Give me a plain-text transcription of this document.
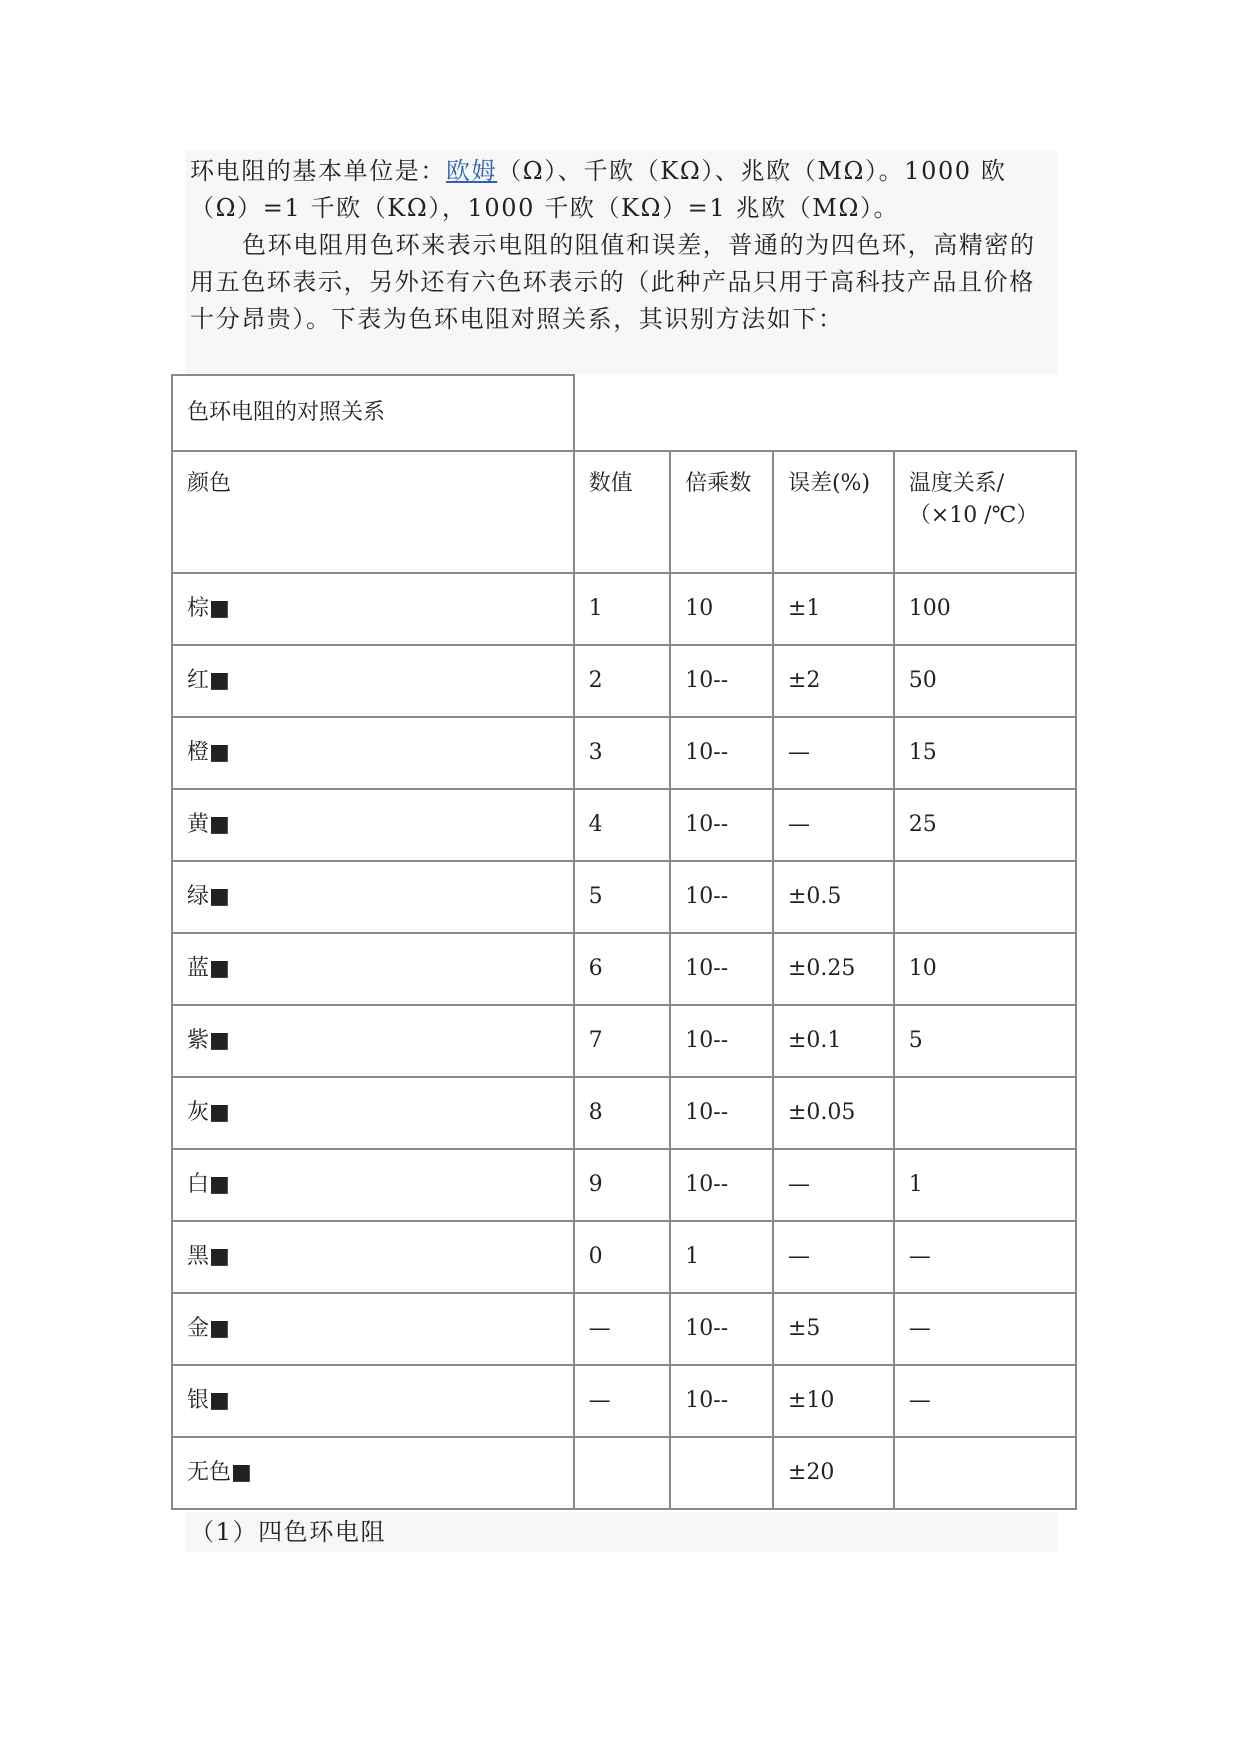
环电阻的基本单位是：欧姆（Ω）、千欧（KΩ）、兆欧（MΩ）。1000 欧（Ω）=1 千欧（KΩ），1000 千欧（KΩ）=1 兆欧（MΩ）。

色环电阻用色环来表示电阻的阻值和误差，普通的为四色环，高精密的用五色环表示，另外还有六色环表示的（此种产品只用于高科技产品且价格十分昂贵）。下表为色环电阻对照关系，其识别方法如下：

色环电阻的对照关系				
颜色	数值	倍乘数	误差(%)	温度关系/（×10 /℃）
棕■	1	10	±1	100
红■	2	10--	±2	50
橙■	3	10--	—	15
黄■	4	10--	—	25
绿■	5	10--	±0.5	
蓝■	6	10--	±0.25	10
紫■	7	10--	±0.1	5
灰■	8	10--	±0.05	
白■	9	10--	—	1
黑■	0	1	—	—
金■	—	10--	±5	—
银■	—	10--	±10	—
无色■			±20	

（1）四色环电阻
